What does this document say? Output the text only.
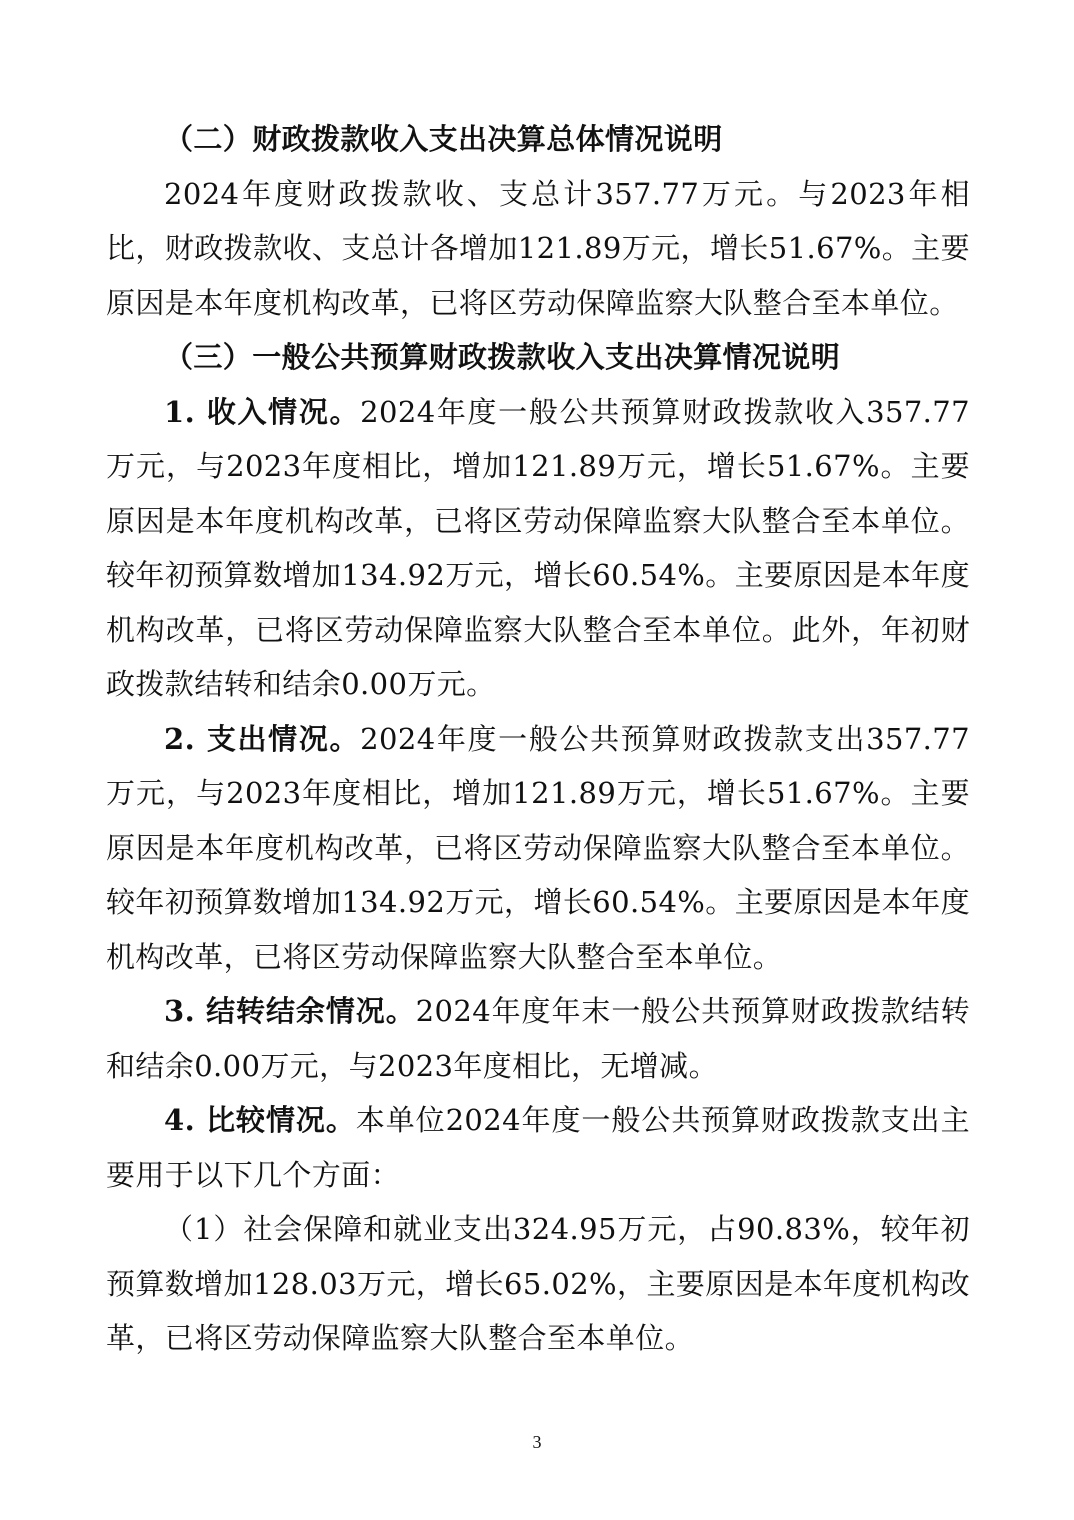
（二）财政拨款收入支出决算总体情况说明

2024年度财政拨款收、支总计357.77万元。与2023年相比，财政拨款收、支总计各增加121.89万元，增长51.67%。主要原因是本年度机构改革，已将区劳动保障监察大队整合至本单位。

（三）一般公共预算财政拨款收入支出决算情况说明

1. 收入情况。2024年度一般公共预算财政拨款收入357.77万元，与2023年度相比，增加121.89万元，增长51.67%。主要原因是本年度机构改革，已将区劳动保障监察大队整合至本单位。较年初预算数增加134.92万元，增长60.54%。主要原因是本年度机构改革，已将区劳动保障监察大队整合至本单位。此外，年初财政拨款结转和结余0.00万元。

2. 支出情况。2024年度一般公共预算财政拨款支出357.77万元，与2023年度相比，增加121.89万元，增长51.67%。主要原因是本年度机构改革，已将区劳动保障监察大队整合至本单位。较年初预算数增加134.92万元，增长60.54%。主要原因是本年度机构改革，已将区劳动保障监察大队整合至本单位。

3. 结转结余情况。2024年度年末一般公共预算财政拨款结转和结余0.00万元，与2023年度相比，无增减。

4. 比较情况。本单位2024年度一般公共预算财政拨款支出主要用于以下几个方面：

（1）社会保障和就业支出324.95万元，占90.83%，较年初预算数增加128.03万元，增长65.02%，主要原因是本年度机构改革，已将区劳动保障监察大队整合至本单位。

3
